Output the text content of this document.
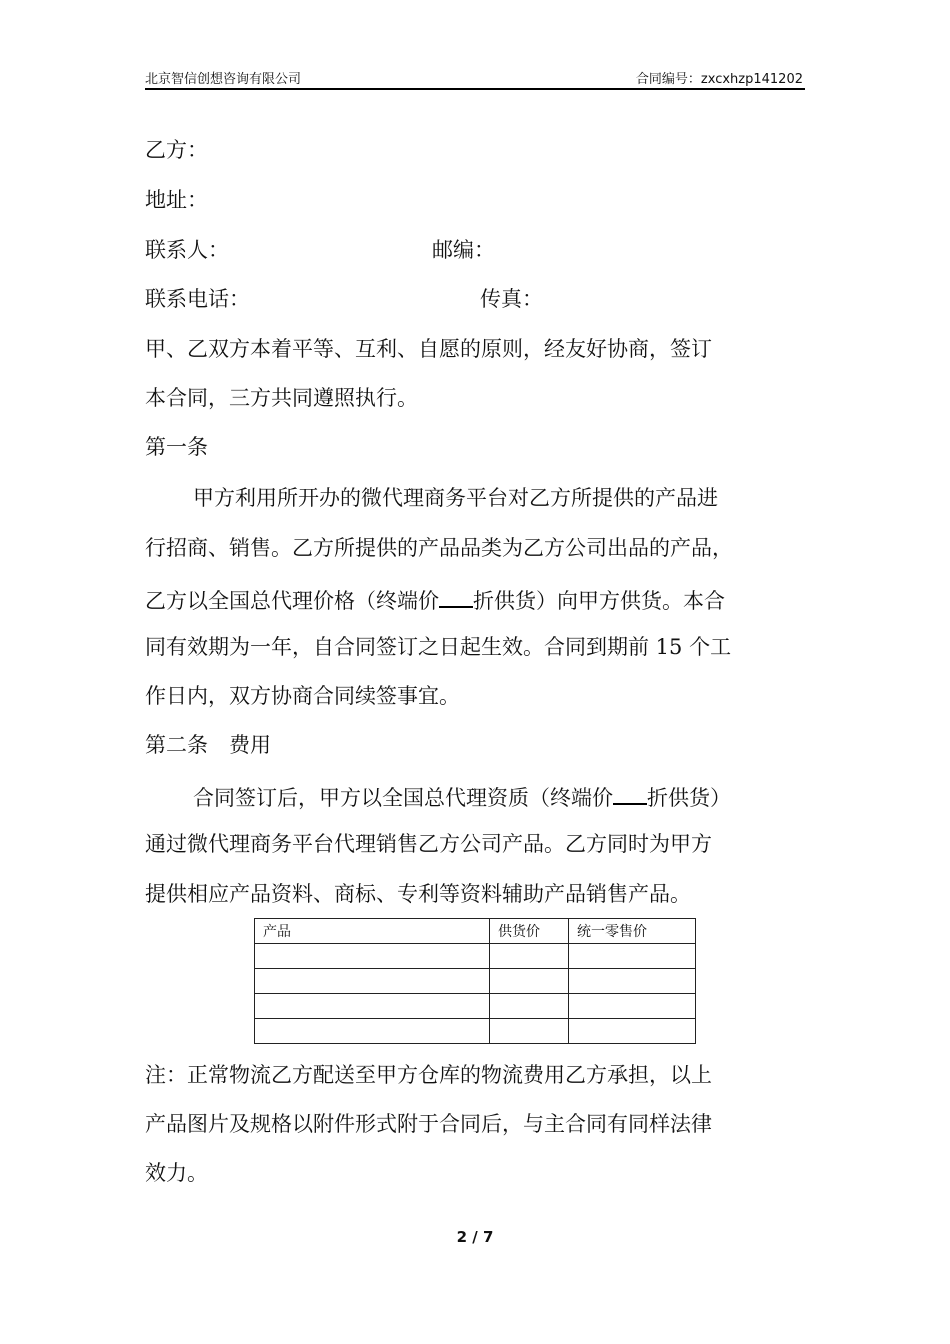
北京智信创想咨询有限公司	合同编号：zxcxhzp141202
乙方：
地址：
联系人：	邮编：
联系电话：	传真：
甲、乙双方本着平等、互利、自愿的原则，经友好协商，签订
本合同，三方共同遵照执行。
第一条
甲方利用所开办的微代理商务平台对乙方所提供的产品进
行招商、销售。乙方所提供的产品品类为乙方公司出品的产品，
乙方以全国总代理价格（终端价 折供货）向甲方供货。本合
同有效期为一年，自合同签订之日起生效。合同到期前 15 个工
作日内，双方协商合同续签事宜。
第二条　费用
合同签订后，甲方以全国总代理资质（终端价 折供货）
通过微代理商务平台代理销售乙方公司产品。乙方同时为甲方
提供相应产品资料、商标、专利等资料辅助产品销售产品。
产品	供货价	统一零售价

注：正常物流乙方配送至甲方仓库的物流费用乙方承担，以上
产品图片及规格以附件形式附于合同后，与主合同有同样法律
效力。
2 / 7
